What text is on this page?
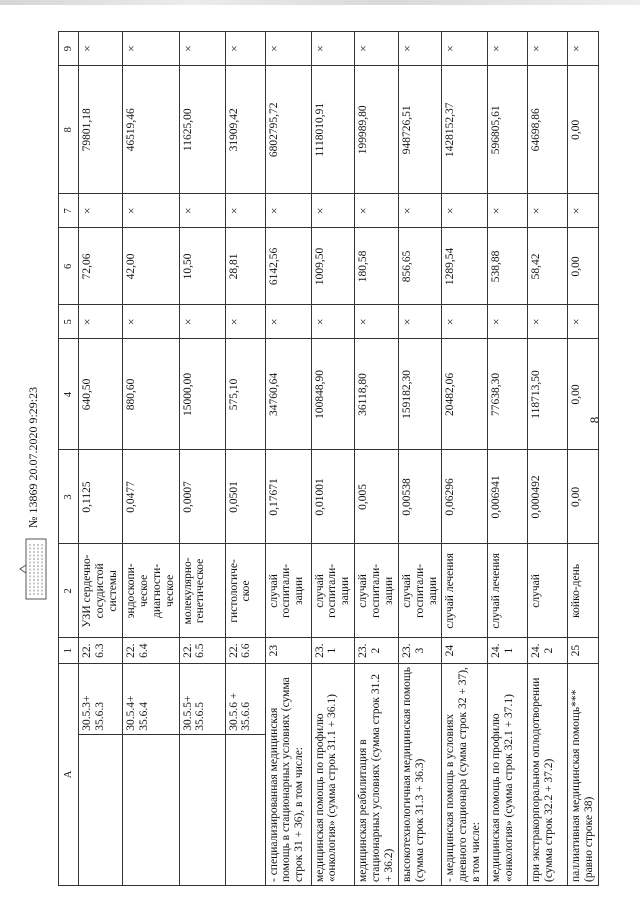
8
A	1	2	3	4	5	6	7	8	9

30.5.3+
35.6.3	22.6.3	УЗИ сердечно-
сосудистой
системы	0,1125	640,50	×	72,06	×	79801,18	×

30.5.4+
35.6.4	22.6.4	эндоскопи-
ческое
диагности-
ческое	0,0477	880,60	×	42,00	×	46519,46	×

30.5.5+
35.6.5	22.6.5	молекулярно-
генетическое	0,0007	15000,00	×	10,50	×	11625,00	×

30.5.6 +
35.6.6	22.6.6	гистологиче-
ское	0,0501	575,10	×	28,81	×	31909,42	×
- специализированная медицинская помощь в стационарных условиях (сумма строк 31 + 36), в том числе:	23	случай
госпитали-
зации	0,17671	34760,64	×	6142,56	×	6802795,72	×
медицинская помощь по профилю «онкология» (сумма строк 31.1 + 36.1)	23.1	случай
госпитали-
зации	0,01001	100848,90	×	1009,50	×	1118010,91	×
медицинская реабилитация в стационарных условиях (сумма строк 31.2 + 36.2)	23.2	случай
госпитали-
зации	0,005	36118,80	×	180,58	×	199989,80	×
высокотехнологичная медицинская помощь (сумма строк 31.3 + 36.3)	23.3	случай
госпитали-
зации	0,00538	159182,30	×	856,65	×	948726,51	×
- медицинская помощь в условиях дневного стационара (сумма строк 32 + 37), в том числе:	24	случай лечения	0,06296	20482,06	×	1289,54	×	1428152,37	×
медицинская помощь по профилю «онкология» (сумма строк 32.1 + 37.1)	24.1	случай лечения	0,006941	77638,30	×	538,88	×	596805,61	×
при экстракорпоральном оплодотворении (сумма строк 32.2 + 37.2)	24.2	случай	0,000492	118713,50	×	58,42	×	64698,86	×
паллиативная медицинская помощь*** (равно строке 38)	25	койко-день	0,00	0,00	×	0,00	×	0,00	×
№ 13869 20.07.2020 9:29:23
